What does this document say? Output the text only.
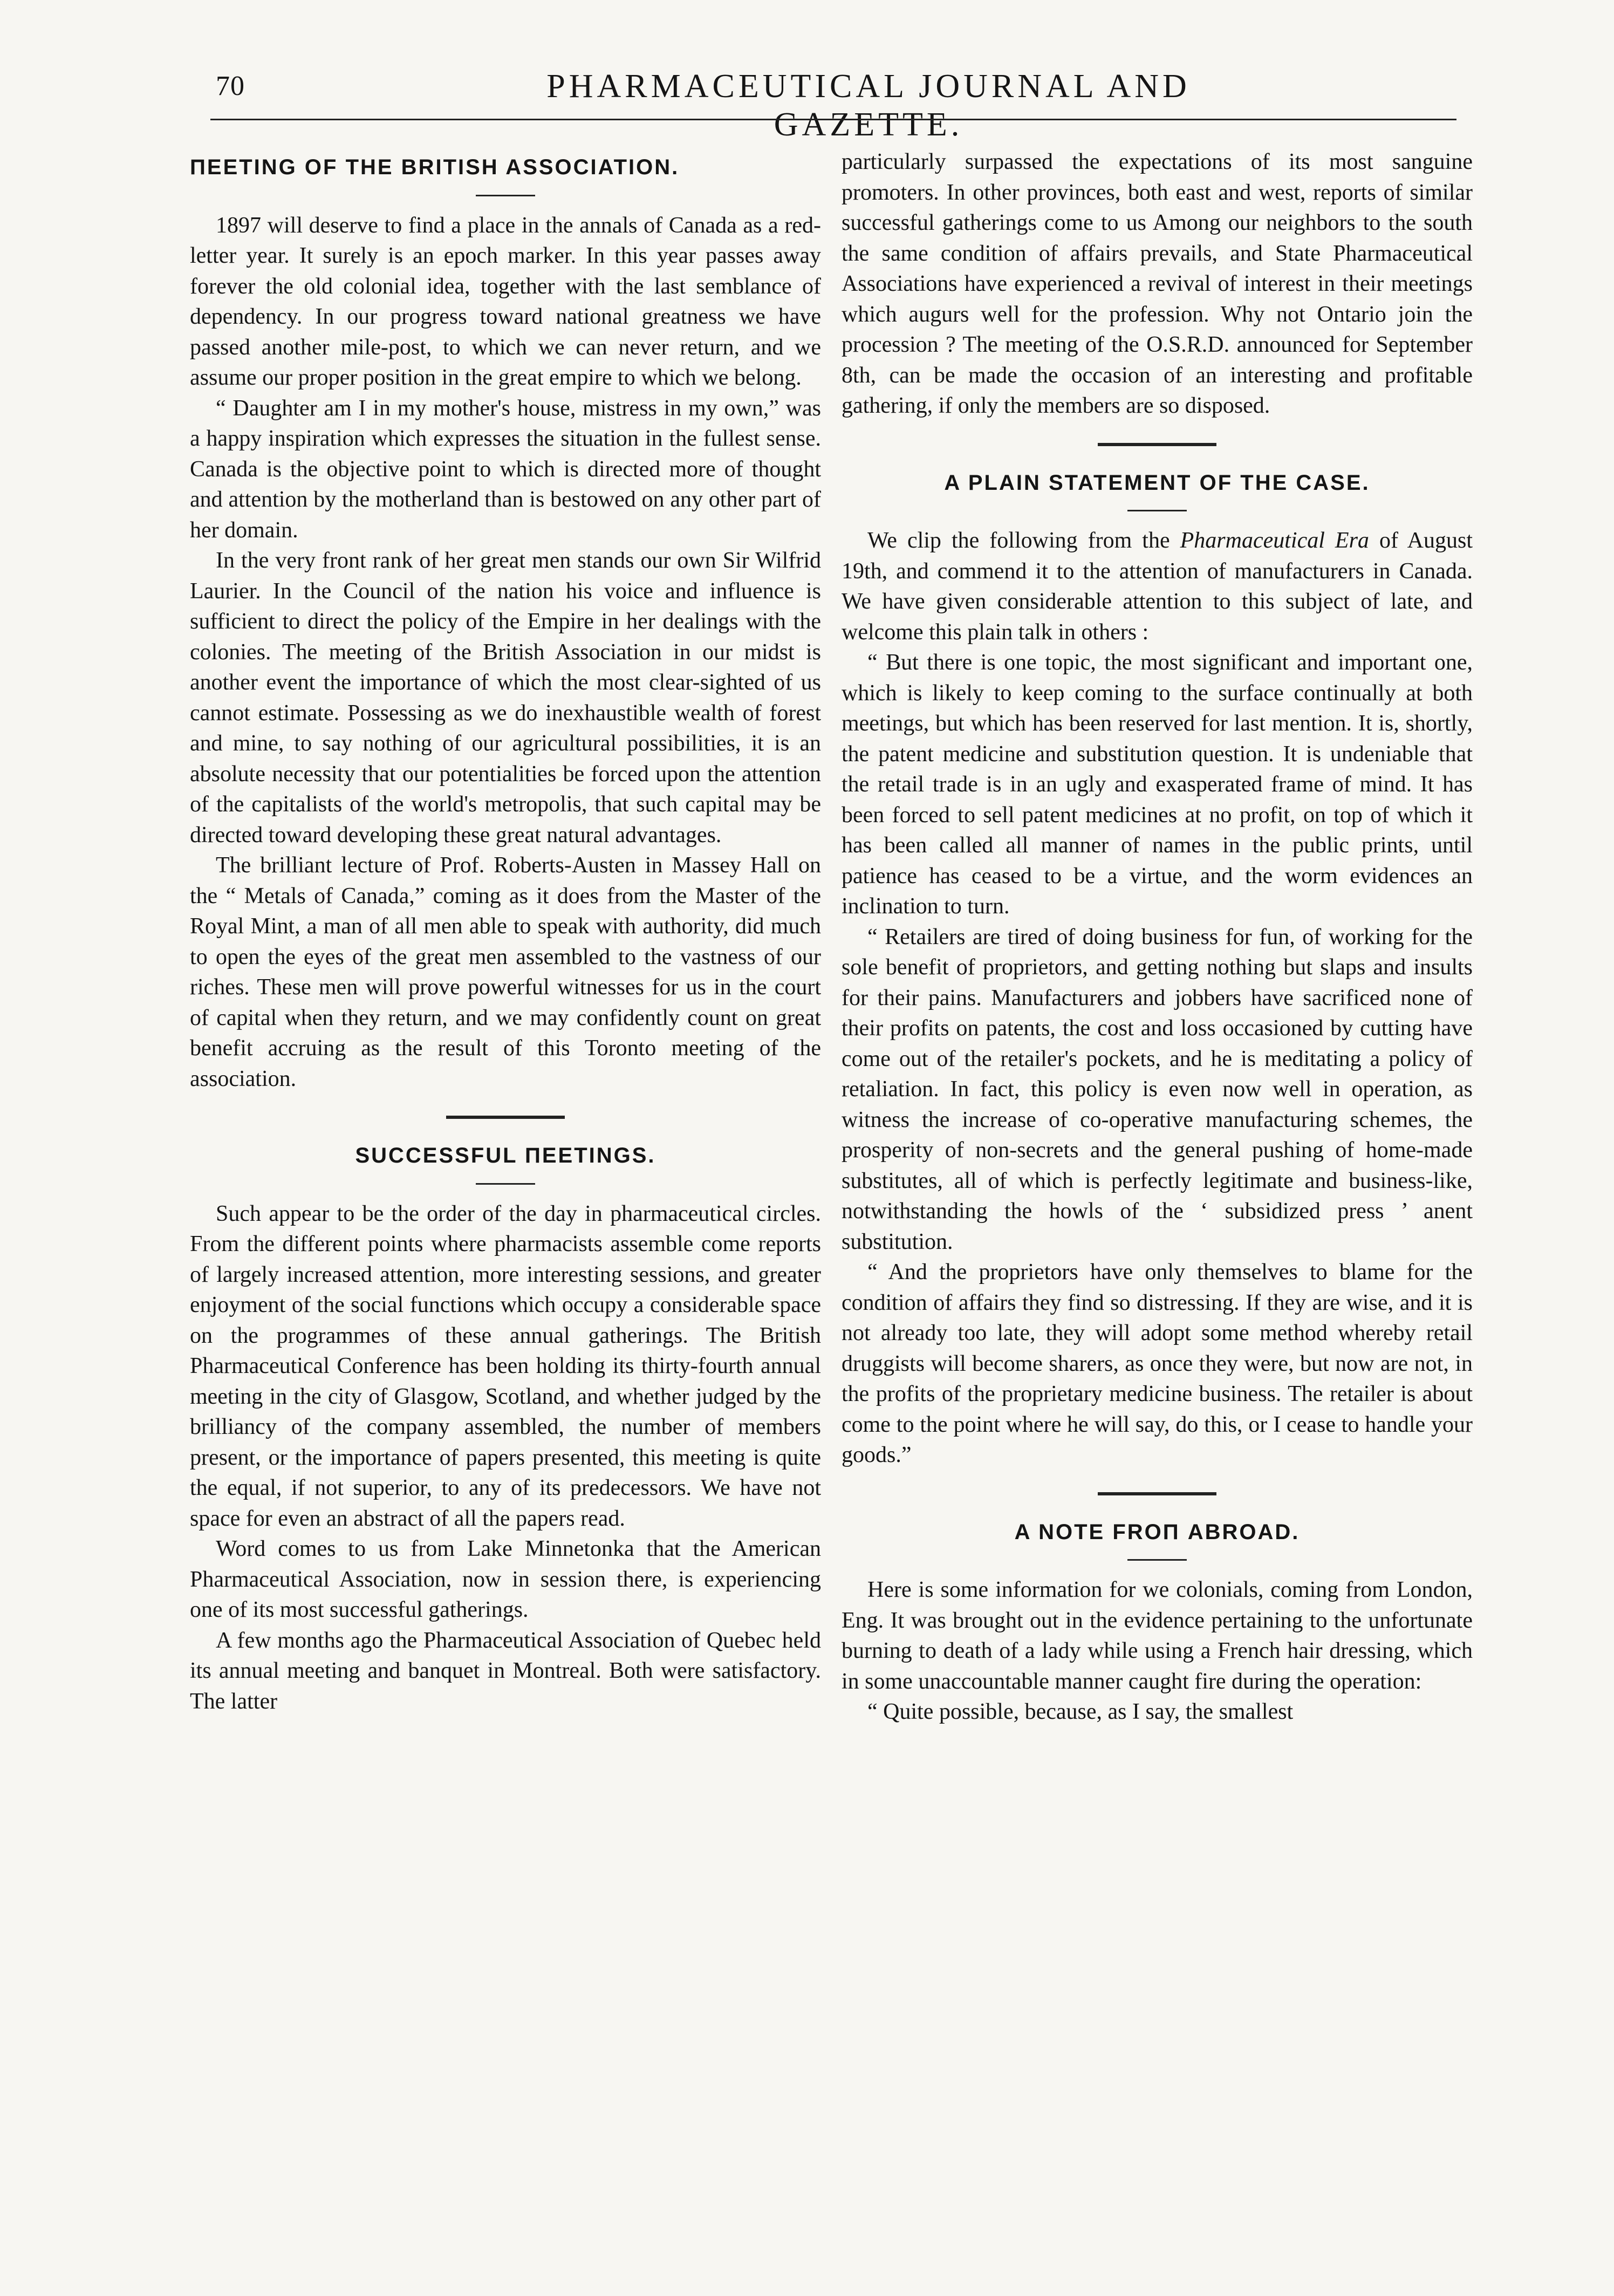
70	PHARMACEUTICAL JOURNAL AND GAZETTE.
ΠEETING OF THE BRITISH ASSOCIATION.

1897 will deserve to find a place in the annals of Canada as a red-letter year. It surely is an epoch marker. In this year passes away forever the old colonial idea, together with the last semblance of dependency. In our progress toward national greatness we have passed another mile-post, to which we can never return, and we assume our proper position in the great empire to which we belong.

“ Daughter am I in my mother's house, mistress in my own,” was a happy inspiration which expresses the situation in the fullest sense. Canada is the objective point to which is directed more of thought and attention by the motherland than is bestowed on any other part of her domain.

In the very front rank of her great men stands our own Sir Wilfrid Laurier. In the Council of the nation his voice and influence is sufficient to direct the policy of the Empire in her dealings with the colonies. The meeting of the British Association in our midst is another event the importance of which the most clear-sighted of us cannot estimate. Possessing as we do inexhaustible wealth of forest and mine, to say nothing of our agricultural possibilities, it is an absolute necessity that our potentialities be forced upon the attention of the capitalists of the world's metropolis, that such capital may be directed toward developing these great natural advantages.

The brilliant lecture of Prof. Roberts-Austen in Massey Hall on the “ Metals of Canada,” coming as it does from the Master of the Royal Mint, a man of all men able to speak with authority, did much to open the eyes of the great men assembled to the vastness of our riches. These men will prove powerful witnesses for us in the court of capital when they return, and we may confidently count on great benefit accruing as the result of this Toronto meeting of the association.

SUCCESSFUL ΠEETINGS.

Such appear to be the order of the day in pharmaceutical circles. From the different points where pharmacists assemble come reports of largely increased attention, more interesting sessions, and greater enjoyment of the social functions which occupy a considerable space on the programmes of these annual gatherings. The British Pharmaceutical Conference has been holding its thirty-fourth annual meeting in the city of Glasgow, Scotland, and whether judged by the brilliancy of the company assembled, the number of members present, or the importance of papers presented, this meeting is quite the equal, if not superior, to any of its predecessors. We have not space for even an abstract of all the papers read.

Word comes to us from Lake Minnetonka that the American Pharmaceutical Association, now in session there, is experiencing one of its most successful gatherings.

A few months ago the Pharmaceutical Association of Quebec held its annual meeting and banquet in Montreal. Both were satisfactory. The latter

particularly surpassed the expectations of its most sanguine promoters. In other provinces, both east and west, reports of similar successful gatherings come to us Among our neighbors to the south the same condition of affairs prevails, and State Pharmaceutical Associations have experienced a revival of interest in their meetings which augurs well for the profession. Why not Ontario join the procession ? The meeting of the O.S.R.D. announced for September 8th, can be made the occasion of an interesting and profitable gathering, if only the members are so disposed.

A PLAIN STATEMENT OF THE CASE.

We clip the following from the Pharmaceutical Era of August 19th, and commend it to the attention of manufacturers in Canada. We have given considerable attention to this subject of late, and welcome this plain talk in others :

“ But there is one topic, the most significant and important one, which is likely to keep coming to the surface continually at both meetings, but which has been reserved for last mention. It is, shortly, the patent medicine and substitution question. It is undeniable that the retail trade is in an ugly and exasperated frame of mind. It has been forced to sell patent medicines at no profit, on top of which it has been called all manner of names in the public prints, until patience has ceased to be a virtue, and the worm evidences an inclination to turn.

“ Retailers are tired of doing business for fun, of working for the sole benefit of proprietors, and getting nothing but slaps and insults for their pains. Manufacturers and jobbers have sacrificed none of their profits on patents, the cost and loss occasioned by cutting have come out of the retailer's pockets, and he is meditating a policy of retaliation. In fact, this policy is even now well in operation, as witness the increase of co-operative manufacturing schemes, the prosperity of non-secrets and the general pushing of home-made substitutes, all of which is perfectly legitimate and business-like, notwithstanding the howls of the ‘ subsidized press ’ anent substitution.

“ And the proprietors have only themselves to blame for the condition of affairs they find so distressing. If they are wise, and it is not already too late, they will adopt some method whereby retail druggists will become sharers, as once they were, but now are not, in the profits of the proprietary medicine business. The retailer is about come to the point where he will say, do this, or I cease to handle your goods.”

A NOTE FROΠ ABROAD.

Here is some information for we colonials, coming from London, Eng. It was brought out in the evidence pertaining to the unfortunate burning to death of a lady while using a French hair dressing, which in some unaccountable manner caught fire during the operation:

“ Quite possible, because, as I say, the smallest
